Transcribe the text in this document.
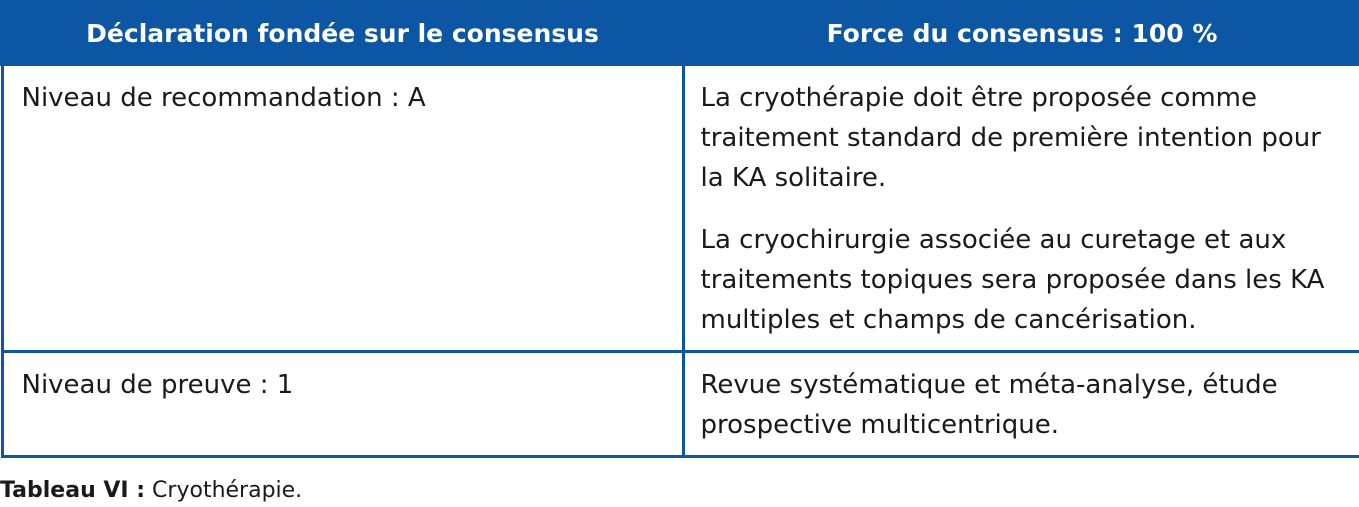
Déclaration fondée sur le consensus	Force du consensus : 100 %
Niveau de recommandation : A	La cryothérapie doit être proposée comme traitement standard de première intention pour la KA solitaire.

La cryochirurgie associée au curetage et aux traitements topiques sera proposée dans les KA multiples et champs de cancérisation.

Niveau de preuve : 1	Revue systématique et méta-analyse, étude prospective multicentrique.

Tableau VI : Cryothérapie.
